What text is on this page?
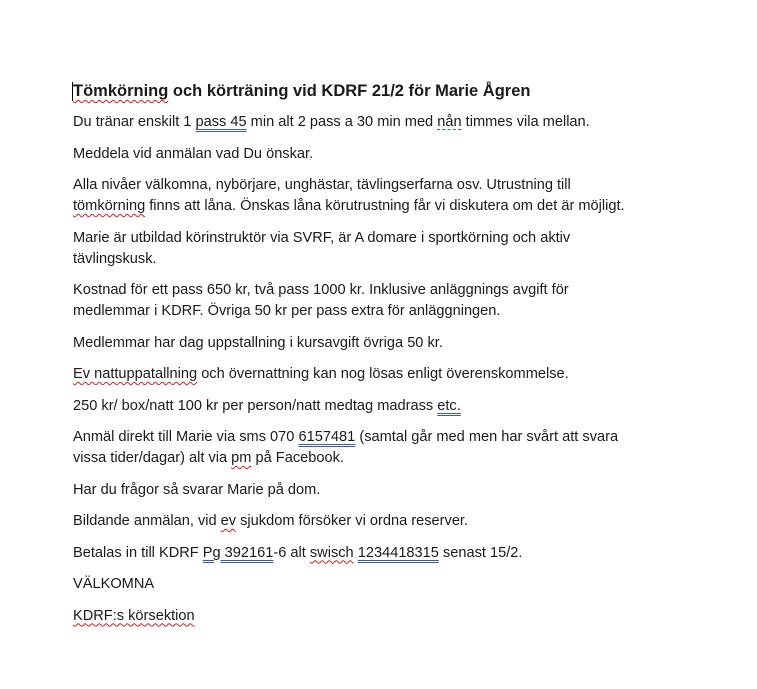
Tömkörning och körträning vid KDRF 21/2 för Marie Ågren

Du tränar enskilt 1 pass 45 min alt 2 pass a 30 min med nån timmes vila mellan.

Meddela vid anmälan vad Du önskar.

Alla nivåer välkomna, nybörjare, unghästar, tävlingserfarna osv. Utrustning till
tömkörning finns att låna. Önskas låna körutrustning får vi diskutera om det är möjligt.

Marie är utbildad körinstruktör via SVRF, är A domare i sportkörning och aktiv
tävlingskusk.

Kostnad för ett pass 650 kr, två pass 1000 kr. Inklusive anläggnings avgift för
medlemmar i KDRF. Övriga 50 kr per pass extra för anläggningen.

Medlemmar har dag uppstallning i kursavgift övriga 50 kr.

Ev nattuppatallning och övernattning kan nog lösas enligt överenskommelse.

250 kr/ box/natt 100 kr per person/natt medtag madrass etc.

Anmäl direkt till Marie via sms 070 6157481 (samtal går med men har svårt att svara
vissa tider/dagar) alt via pm på Facebook.

Har du frågor så svarar Marie på dom.

Bildande anmälan, vid ev sjukdom försöker vi ordna reserver.

Betalas in till KDRF Pg 392161-6 alt swisch 1234418315 senast 15/2.

VÄLKOMNA

KDRF:s körsektion
